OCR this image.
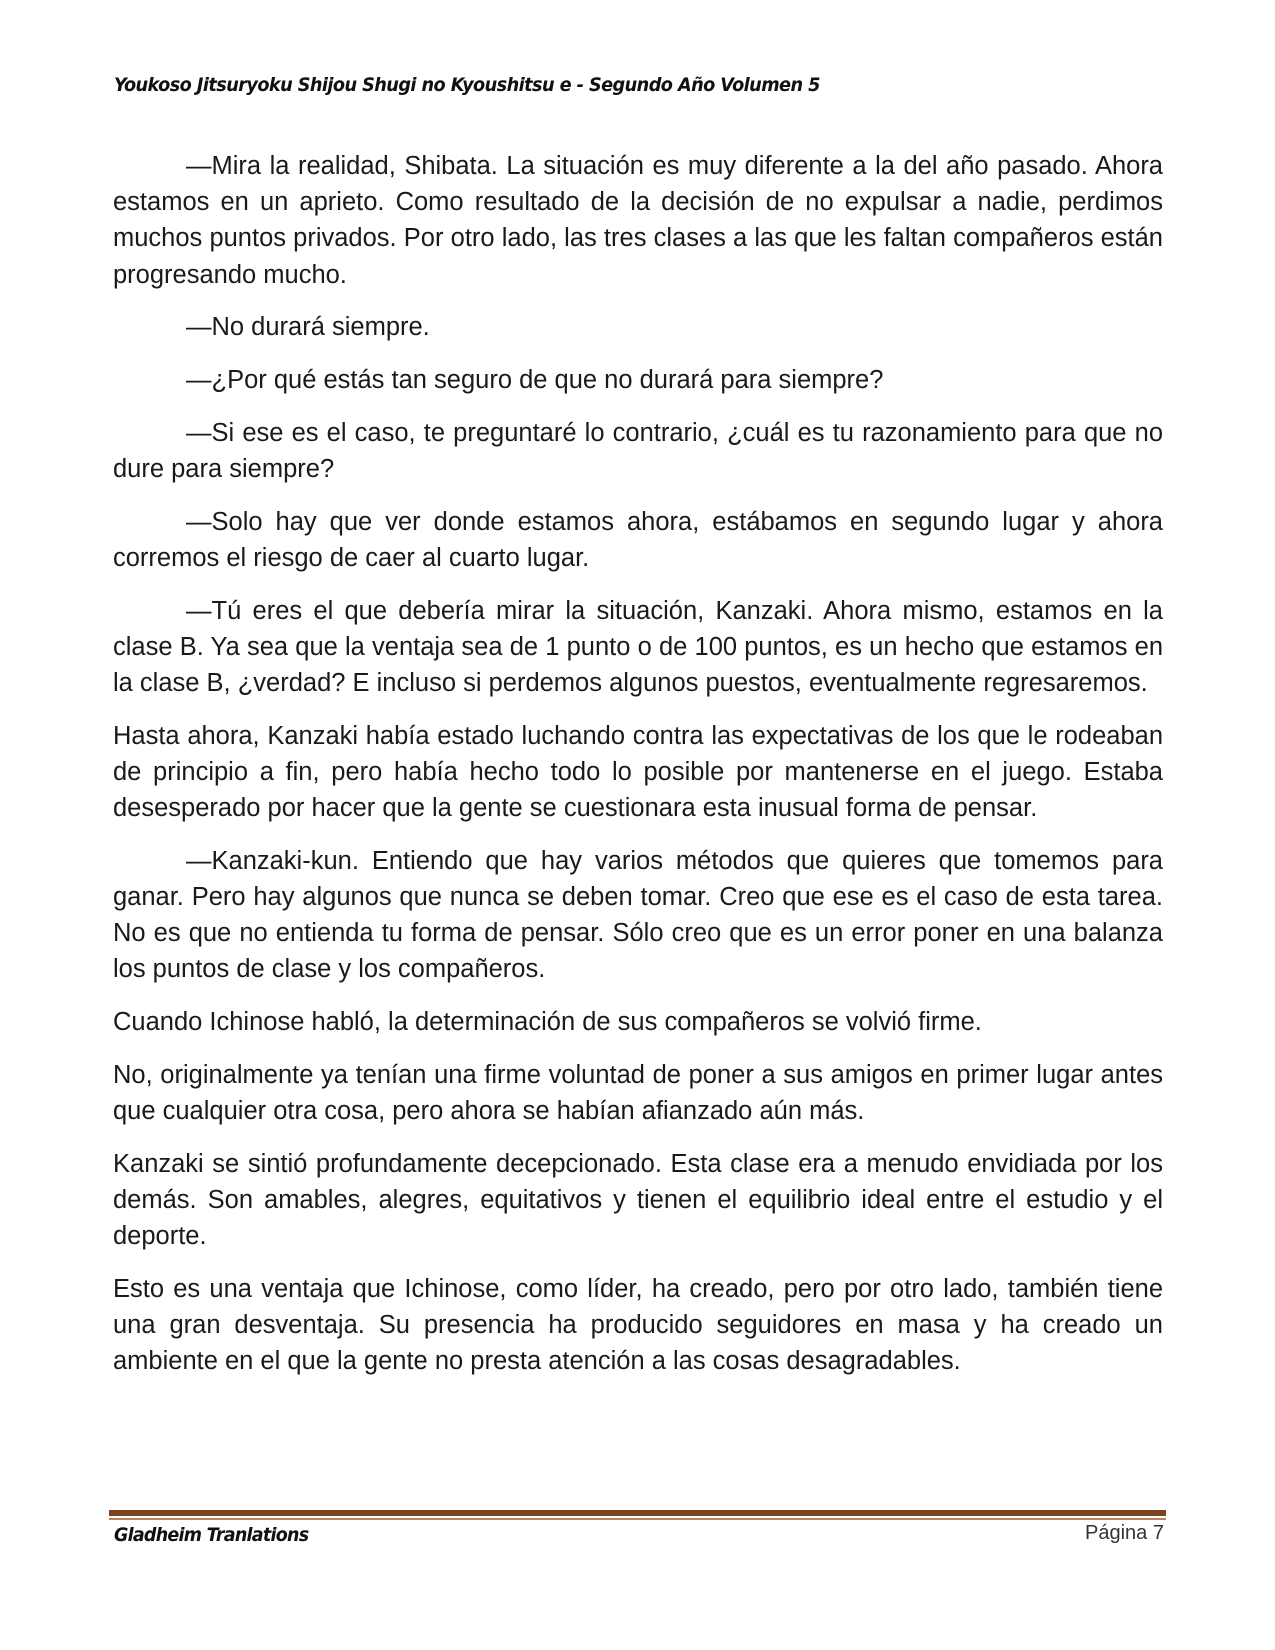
Youkoso Jitsuryoku Shijou Shugi no Kyoushitsu e - Segundo Año Volumen 5

—Mira la realidad, Shibata. La situación es muy diferente a la del año pasado. Ahora estamos en un aprieto. Como resultado de la decisión de no expulsar a nadie, perdimos muchos puntos privados. Por otro lado, las tres clases a las que les faltan compañeros están progresando mucho.

—No durará siempre.

—¿Por qué estás tan seguro de que no durará para siempre?

—Si ese es el caso, te preguntaré lo contrario, ¿cuál es tu razonamiento para que no dure para siempre?

—Solo hay que ver donde estamos ahora, estábamos en segundo lugar y ahora corremos el riesgo de caer al cuarto lugar.

—Tú eres el que debería mirar la situación, Kanzaki. Ahora mismo, estamos en la clase B. Ya sea que la ventaja sea de 1 punto o de 100 puntos, es un hecho que estamos en la clase B, ¿verdad? E incluso si perdemos algunos puestos, eventualmente regresaremos.

Hasta ahora, Kanzaki había estado luchando contra las expectativas de los que le rodeaban de principio a fin, pero había hecho todo lo posible por mantenerse en el juego. Estaba desesperado por hacer que la gente se cuestionara esta inusual forma de pensar.

—Kanzaki-kun. Entiendo que hay varios métodos que quieres que tomemos para ganar. Pero hay algunos que nunca se deben tomar. Creo que ese es el caso de esta tarea. No es que no entienda tu forma de pensar. Sólo creo que es un error poner en una balanza los puntos de clase y los compañeros.

Cuando Ichinose habló, la determinación de sus compañeros se volvió firme.

No, originalmente ya tenían una firme voluntad de poner a sus amigos en primer lugar antes que cualquier otra cosa, pero ahora se habían afianzado aún más.

Kanzaki se sintió profundamente decepcionado. Esta clase era a menudo envidiada por los demás. Son amables, alegres, equitativos y tienen el equilibrio ideal entre el estudio y el deporte.

Esto es una ventaja que Ichinose, como líder, ha creado, pero por otro lado, también tiene una gran desventaja. Su presencia ha producido seguidores en masa y ha creado un ambiente en el que la gente no presta atención a las cosas desagradables.

Gladheim Tranlations	Página 7
